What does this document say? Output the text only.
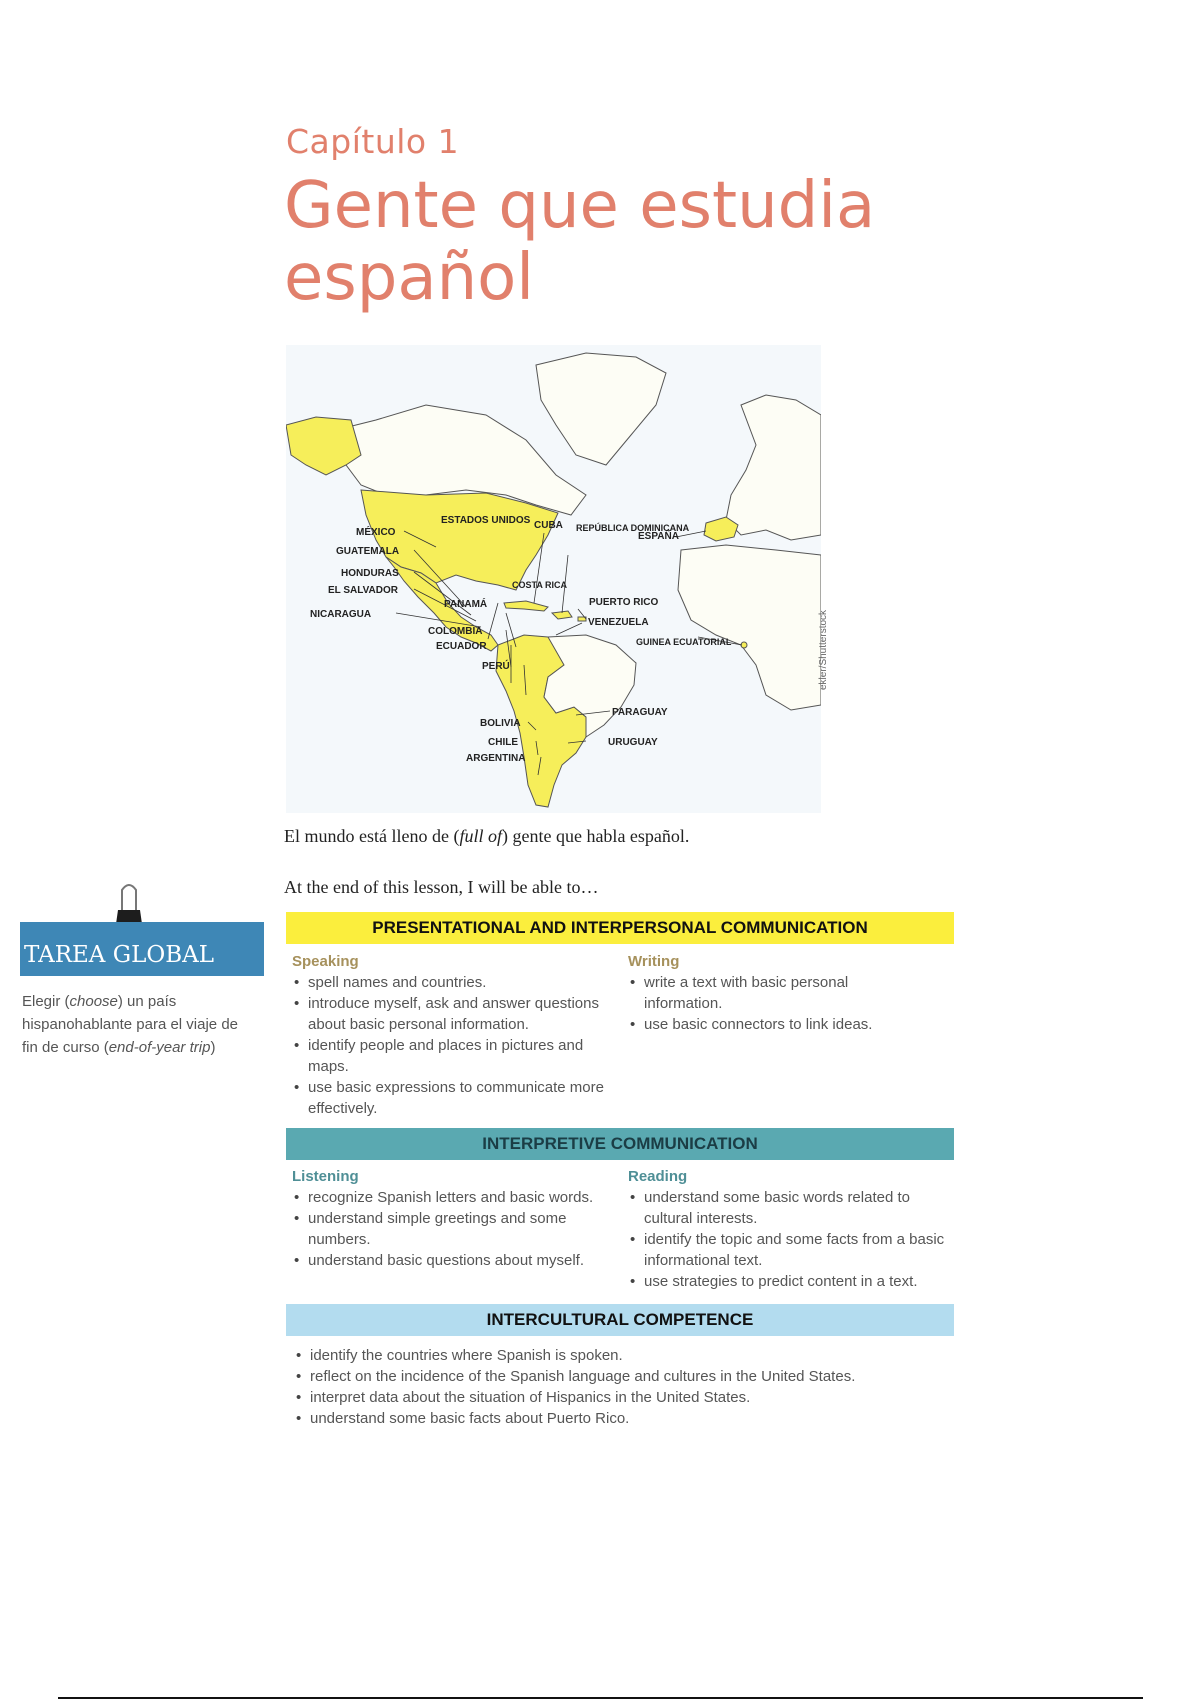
Capítulo 1
Gente que estudia español
ESTADOS UNIDOS
MÉXICO
GUATEMALA
HONDURAS
EL SALVADOR
NICARAGUA
PANAMÁ
COSTA RICA
COLOMBIA
ECUADOR
PERÚ
BOLIVIA
CHILE
ARGENTINA
CUBA REPÚBLICA DOMINICANA
PUERTO RICO
VENEZUELA
PARAGUAY
URUGUAY
ESPAÑA
GUINEA ECUATORIAL	ekler/Shutterstock
El mundo está lleno de (full of) gente que habla español.
At the end of this lesson, I will be able to…
PRESENTATIONAL AND INTERPERSONAL COMMUNICATION
Speaking
• spell names and countries.
• introduce myself, ask and answer questions about basic personal information.
• identify people and places in pictures and maps.
• use basic expressions to communicate more effectively.
Writing
• write a text with basic personal information.
• use basic connectors to link ideas.
INTERPRETIVE COMMUNICATION
Listening
• recognize Spanish letters and basic words.
• understand simple greetings and some numbers.
• understand basic questions about myself.
Reading
• understand some basic words related to cultural interests.
• identify the topic and some facts from a basic informational text.
• use strategies to predict content in a text.
INTERCULTURAL COMPETENCE
• identify the countries where Spanish is spoken.
• reflect on the incidence of the Spanish language and cultures in the United States.
• interpret data about the situation of Hispanics in the United States.
• understand some basic facts about Puerto Rico.
TAREA GLOBAL
Elegir (choose) un país hispanohablante para el viaje de fin de curso (end-of-year trip)
